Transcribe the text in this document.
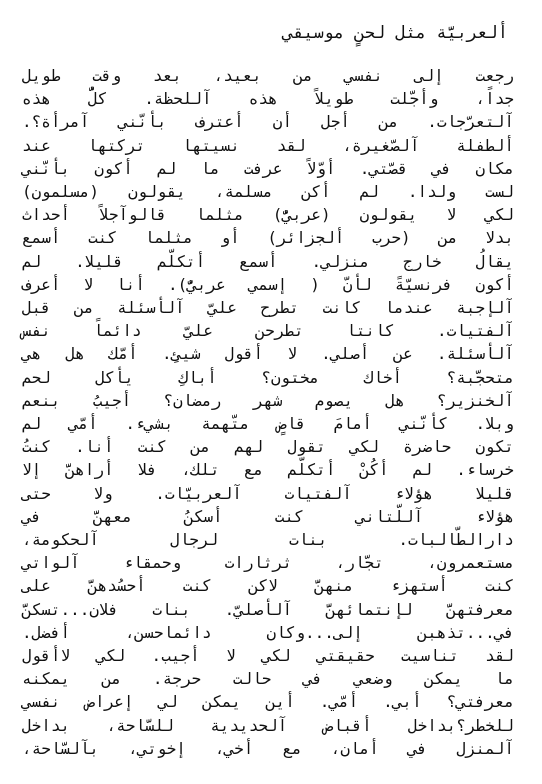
ألعربيَّة مثل لحنٍ موسيقي
رجعت إلى نفسي من بعيد، بعد وقت طويل
جداً، وأجّلت طويلاً هذه آللحظة. كلُّ هذه
آلتعرّجات. من أجل أن أعترف بأنّني آمرأة؟.
ألطفلة آلصّغيرة، لقد نسيتها تركتها عند
مكان في قصّتي. أوّلاً عرفت ما لم أكون بأنّني
لست ولدا. لم أكن مسلمة، يقولون (مسلمون)
لكي لا يقولون (عربيٌّ) مثلما قالوآجلاً أحداث
بدلا من (حرب ألجزائر) أو مثلما كنت أسمع
يقالُ خارج منزلي. أسمع أتكلّم قليلا. لم
أكون فرنسيّةً لأنّ ( إسمي عربيٌّ). أنا لا أعرف
آلإجبة عندما كانت تطرح عليّ آلأسئلة من قبل
آلفتيات. كانتا تطرحن عليّ دائماً نفس
آلأسئلة. عن أصلي. لا أقول شيئٍ. أمّك هل هي
متحجّبة؟ أخاك مختون؟ أباكِ يأكل لحم
آلخنزير؟ هل يصوم شهر رمضان؟ أجيبُ بنعم
وبلا. كأنّني أمامَ قاضٍ متّهمة بشيء. أمّي لم
تكون حاضرة لكي تقول لهم من كنت أنا. كنتُ
خرساء. لم أكُنْ أتكلّم مع تلك، فلا أراهنَّ إلا
قليلا هؤلاء آلفتيات آلعربيّات. ولا حتى
هؤلاء آللّتاني كنت أسكنُ معهنَّ في
دارالطّالبات. بنات لرجال آلحكومة،
مستعمرون، تجّار، ثرثارات وحمقاء آلواتي
كنت أستهزء منهنَّ لاكن كنت أحسُدهنَّ على
معرفتهنَّ لإنتمائهنَّ آلأصليّ. بنات فلان...تسكنَّ
في...تذهبن إلى...وكان دائماحسن، أفضل.
لقد تناسيت حقيقتي لكي لا أجيب. لكي لاأقول
ما يمكن وضعي في حالت حرجة. من يمكنه
معرفتي؟ أبي. أمّي. أين يمكن لي إعراض نفسي
للخطر؟بداخل أقباض آلحديدية للسّاحة، بداخل
آلمنزل في أمان، مع أخي، إخوتي، بآلسّاحة،
